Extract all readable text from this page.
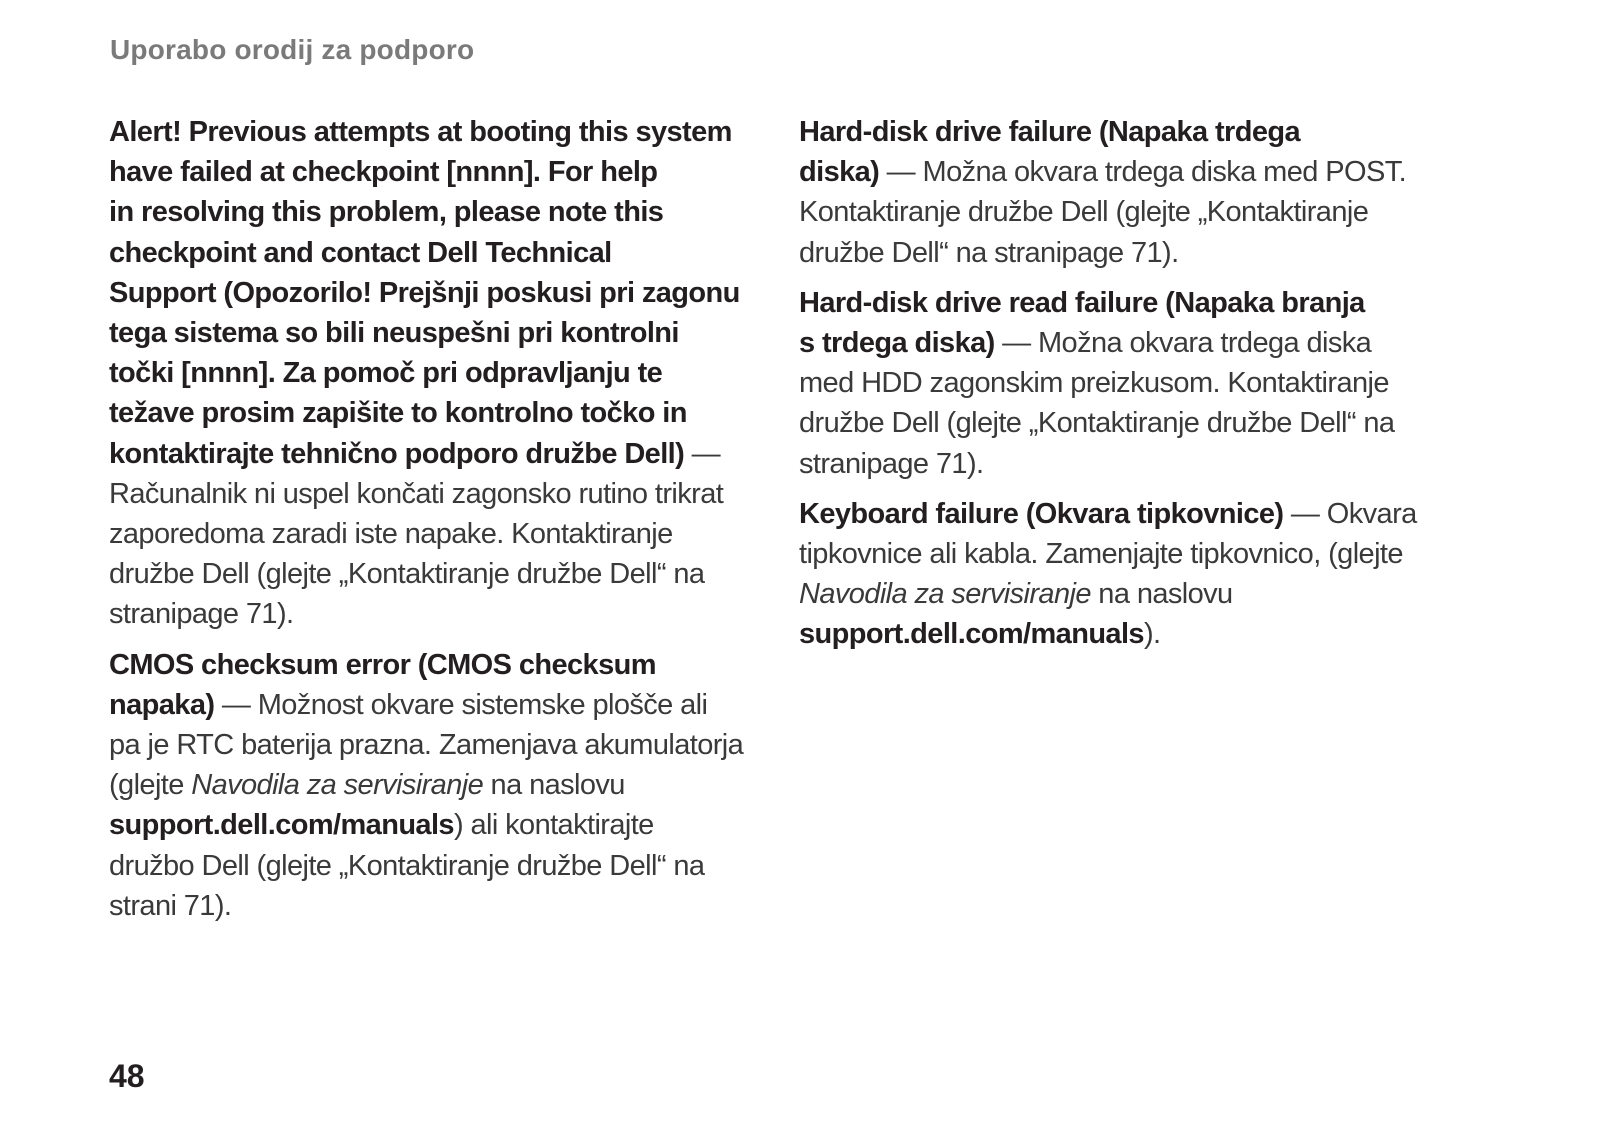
Uporabo orodij za podporo
Alert! Previous attempts at booting this system
have failed at checkpoint [nnnn]. For help
in resolving this problem, please note this
checkpoint and contact Dell Technical
Support (Opozorilo! Prejšnji poskusi pri zagonu
tega sistema so bili neuspešni pri kontrolni
točki [nnnn]. Za pomoč pri odpravljanju te
težave prosim zapišite to kontrolno točko in
kontaktirajte tehnično podporo družbe Dell) —
Računalnik ni uspel končati zagonsko rutino trikrat
zaporedoma zaradi iste napake. Kontaktiranje
družbe Dell (glejte „Kontaktiranje družbe Dell“ na
stranipage 71).
CMOS checksum error (CMOS checksum
napaka) — Možnost okvare sistemske plošče ali
pa je RTC baterija prazna. Zamenjava akumulatorja
(glejte Navodila za servisiranje na naslovu
support.dell.com/manuals) ali kontaktirajte
družbo Dell (glejte „Kontaktiranje družbe Dell“ na
strani 71).
Hard-disk drive failure (Napaka trdega
diska) — Možna okvara trdega diska med POST.
Kontaktiranje družbe Dell (glejte „Kontaktiranje
družbe Dell“ na stranipage 71).
Hard-disk drive read failure (Napaka branja
s trdega diska) — Možna okvara trdega diska
med HDD zagonskim preizkusom. Kontaktiranje
družbe Dell (glejte „Kontaktiranje družbe Dell“ na
stranipage 71).
Keyboard failure (Okvara tipkovnice) — Okvara
tipkovnice ali kabla. Zamenjajte tipkovnico, (glejte
Navodila za servisiranje na naslovu
support.dell.com/manuals).
48
